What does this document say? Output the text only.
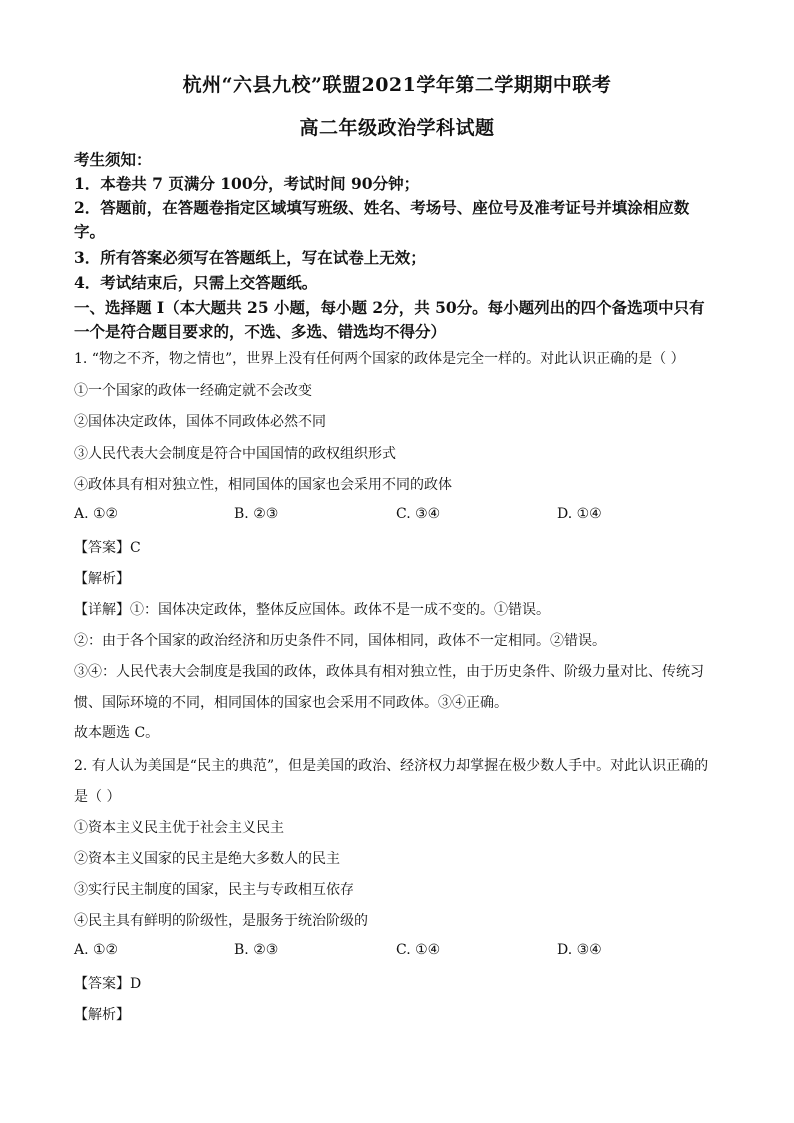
杭州“六县九校”联盟2021学年第二学期期中联考
高二年级政治学科试题
考生须知：
1．本卷共 7 页满分 100分，考试时间 90分钟；
2．答题前，在答题卷指定区域填写班级、姓名、考场号、座位号及准考证号并填涂相应数
字。
3．所有答案必须写在答题纸上，写在试卷上无效；
4．考试结束后，只需上交答题纸。
一、选择题 I（本大题共 25 小题，每小题 2分，共 50分。每小题列出的四个备选项中只有
一个是符合题目要求的，不选、多选、错选均不得分）
1. “物之不齐，物之情也”，世界上没有任何两个国家的政体是完全一样的。对此认识正确的是（ ）
①一个国家的政体一经确定就不会改变
②国体决定政体，国体不同政体必然不同
③人民代表大会制度是符合中国国情的政权组织形式
④政体具有相对独立性，相同国体的国家也会采用不同的政体
A. ①②	B. ②③	C. ③④	D. ①④
【答案】C
【解析】
【详解】①：国体决定政体，整体反应国体。政体不是一成不变的。①错误。
②：由于各个国家的政治经济和历史条件不同，国体相同，政体不一定相同。②错误。
③④：人民代表大会制度是我国的政体，政体具有相对独立性，由于历史条件、阶级力量对比、传统习
惯、国际环境的不同，相同国体的国家也会采用不同政体。③④正确。
故本题选 C。
2. 有人认为美国是“民主的典范”，但是美国的政治、经济权力却掌握在极少数人手中。对此认识正确的
是（ ）
①资本主义民主优于社会主义民主
②资本主义国家的民主是绝大多数人的民主
③实行民主制度的国家，民主与专政相互依存
④民主具有鲜明的阶级性，是服务于统治阶级的
A. ①②	B. ②③	C. ①④	D. ③④
【答案】D
【解析】
